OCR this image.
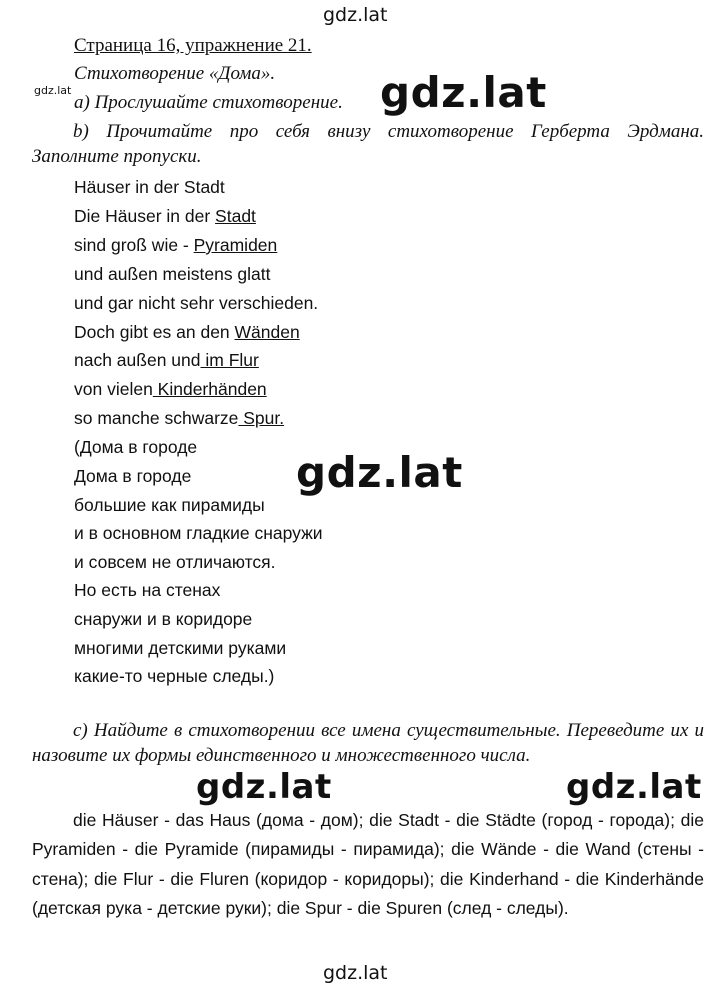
gdz.lat
gdz.lat	gdz.lat
gdz.lat
gdz.lat	gdz.lat
gdz.lat
Страница 16, упражнение 21.
Стихотворение «Дома».
a) Прослушайте стихотворение.
b) Прочитайте про себя внизу стихотворение Герберта Эрдмана. Заполните пропуски.
Häuser in der Stadt
Die Häuser in der Stadt
sind groß wie - Pyramiden
und außen meistens glatt
und gar nicht sehr verschieden.
Doch gibt es an den Wänden
nach außen und im Flur
von vielen Kinderhänden
so manche schwarze Spur.
(Дома в городе
Дома в городе
большие как пирамиды
и в основном гладкие снаружи
и совсем не отличаются.
Но есть на стенах
снаружи и в коридоре
многими детскими руками
какие-то черные следы.)
c) Найдите в стихотворении все имена существительные. Переведите их и назовите их формы единственного и множественного числа.
die Häuser - das Haus (дома - дом); die Stadt - die Städte (город - города); die Pyramiden - die Pyramide (пирамиды - пирамида); die Wände - die Wand (стены - стена); die Flur - die Fluren (коридор - коридоры); die Kinderhand - die Kinderhände (детская рука - детские руки); die Spur - die Spuren (след - следы).
